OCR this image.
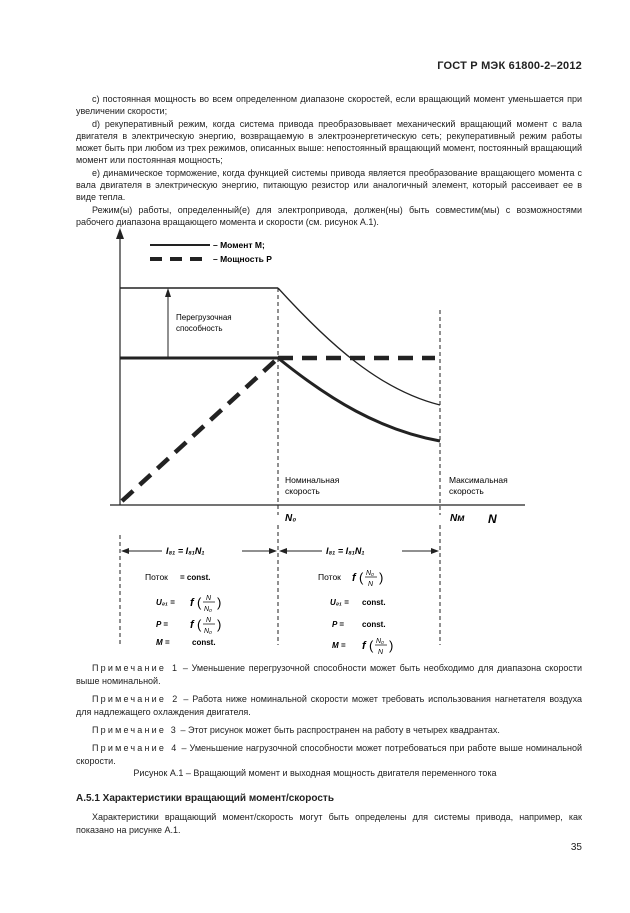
ГОСТ Р МЭК 61800-2–2012

c) постоянная мощность во всем определенном диапазоне скоростей, если вращающий момент уменьшается при увеличении скорости;

d) рекуперативный режим, когда система привода преобразовывает механический вращающий момент с вала двигателя в электрическую энергию, возвращаемую в электроэнергетическую сеть; рекуперативный режим работы может быть при любом из трех режимов, описанных выше: непостоянный вращающий момент, постоянный вращающий момент или постоянная мощность;

e) динамическое торможение, когда функцией системы привода является преобразование вращающего момента с вала двигателя в электрическую энергию, питающую резистор или аналогичный элемент, который рассеивает ее в виде тепла.

Режим(ы) работы, определенный(е) для электропривода, должен(ны) быть совместим(мы) с возможностями рабочего диапазона вращающего момента и скорости (см. рисунок А.1).

– Момент M;
– Мощность P
Перегрузочная
способность
Номинальная
скорость
Максимальная
скорость
N₀	Nм N
I₈₁ = I₈₁N₁
Поток = const.
U₈₁ = f ( N
N₀ )
P = f ( N
N₀ )
M =	const.
I₈₁ = I₈₁N₁
Поток f ( N₀
N )
U₈₁ = const.
P = const.
M = f ( N₀
N )

Примечание 1 – Уменьшение перегрузочной способности может быть необходимо для диапазона скорости выше номинальной.

Примечание 2 – Работа ниже номинальной скорости может требовать использования нагнетателя воздуха для надлежащего охлаждения двигателя.

Примечание 3 – Этот рисунок может быть распространен на работу в четырех квадрантах.

Примечание 4 – Уменьшение нагрузочной способности может потребоваться при работе выше номинальной скорости.

Рисунок А.1 – Вращающий момент и выходная мощность двигателя переменного тока
А.5.1 Характеристики вращающий момент/скорость

Характеристики вращающий момент/скорость могут быть определены для системы привода, например, как показано на рисунке А.1.

35
